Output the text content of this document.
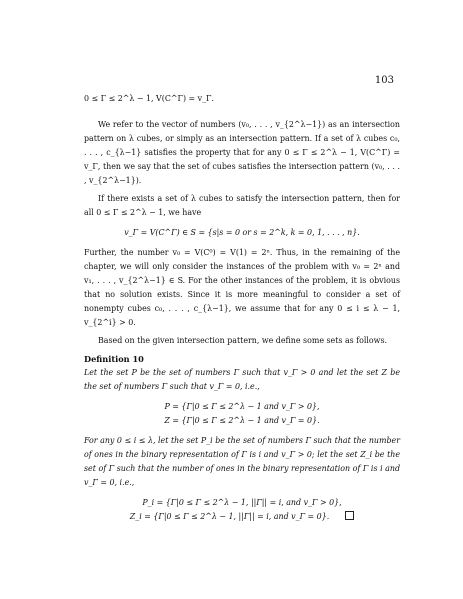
103

0 ≤ Γ ≤ 2^λ − 1, V(C^Γ) = v_Γ.

We refer to the vector of numbers (v₀, . . . , v_{2^λ−1}) as an intersection pattern on λ cubes, or simply as an intersection pattern. If a set of λ cubes c₀, . . . , c_{λ−1} satisfies the property that for any 0 ≤ Γ ≤ 2^λ − 1, V(C^Γ) = v_Γ, then we say that the set of cubes satisfies the intersection pattern (v₀, . . . , v_{2^λ−1}).

If there exists a set of λ cubes to satisfy the intersection pattern, then for all 0 ≤ Γ ≤ 2^λ − 1, we have

v_Γ = V(C^Γ) ∈ S = {s|s = 0 or s = 2^k, k = 0, 1, . . . , n}.

Further, the number v₀ = V(C⁰) = V(1) = 2ⁿ. Thus, in the remaining of the chapter, we will only consider the instances of the problem with v₀ = 2ⁿ and v₁, . . . , v_{2^λ−1} ∈ S. For the other instances of the problem, it is obvious that no solution exists. Since it is more meaningful to consider a set of nonempty cubes c₀, . . . , c_{λ−1}, we assume that for any 0 ≤ i ≤ λ − 1, v_{2^i} > 0.

Based on the given intersection pattern, we define some sets as follows.

Definition 10

Let the set P be the set of numbers Γ such that v_Γ > 0 and let the set Z be the set of numbers Γ such that v_Γ = 0, i.e.,

P = {Γ|0 ≤ Γ ≤ 2^λ − 1 and v_Γ > 0},
Z = {Γ|0 ≤ Γ ≤ 2^λ − 1 and v_Γ = 0}.

For any 0 ≤ i ≤ λ, let the set P_i be the set of numbers Γ such that the number of ones in the binary representation of Γ is i and v_Γ > 0; let the set Z_i be the set of Γ such that the number of ones in the binary representation of Γ is i and v_Γ = 0, i.e.,

P_i = {Γ|0 ≤ Γ ≤ 2^λ − 1, ||Γ|| = i, and v_Γ > 0},
Z_i = {Γ|0 ≤ Γ ≤ 2^λ − 1, ||Γ|| = i, and v_Γ = 0}.
